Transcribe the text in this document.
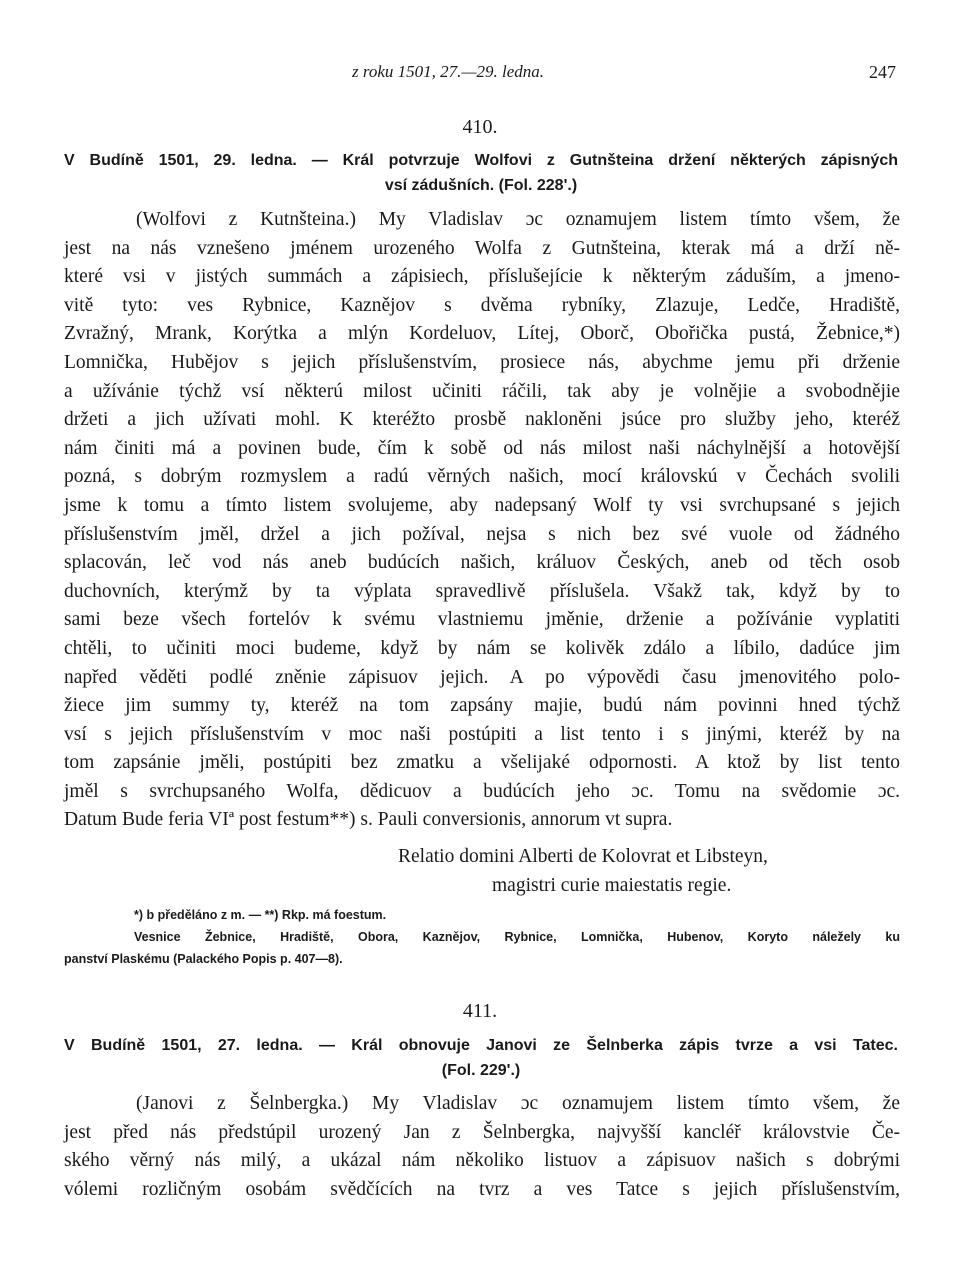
z roku 1501, 27.—29. ledna.	247
410.
V Budíně 1501, 29. ledna. — Král potvrzuje Wolfovi z Gutnšteina držení některých zápisných
vsí zádušních. (Fol. 228'.)
(Wolfovi z Kutnšteina.) My Vladislav ɔc oznamujem listem tímto všem, že
jest na nás vznešeno jménem urozeného Wolfa z Gutnšteina, kterak má a drží ně-
které vsi v jistých summách a zápisiech, příslušejície k některým záduším, a jmeno-
vitě tyto: ves Rybnice, Kaznějov s dvěma rybníky, Zlazuje, Ledče, Hradiště,
Zvražný, Mrank, Korýtka a mlýn Kordeluov, Lítej, Oborč, Obořička pustá, Žebnice,*)
Lomnička, Hubějov s jejich příslušenstvím, prosiece nás, abychme jemu při drženie
a užívánie týchž vsí některú milost učiniti ráčili, tak aby je volnějie a svobodnějie
držeti a jich užívati mohl. K kteréžto prosbě nakloněni jsúce pro služby jeho, kteréž
nám činiti má a povinen bude, čím k sobě od nás milost naši náchylnější a hotovější
pozná, s dobrým rozmyslem a radú věrných našich, mocí královskú v Čechách svolili
jsme k tomu a tímto listem svolujeme, aby nadepsaný Wolf ty vsi svrchupsané s jejich
příslušenstvím jměl, držel a jich požíval, nejsa s nich bez své vuole od žádného
splacován, leč vod nás aneb budúcích našich, králuov Českých, aneb od těch osob
duchovních, kterýmž by ta výplata spravedlivě příslušela. Všakž tak, když by to
sami beze všech fortelóv k svému vlastniemu jměnie, drženie a požívánie vyplatiti
chtěli, to učiniti moci budeme, když by nám se kolivěk zdálo a líbilo, dadúce jim
napřed věděti podlé zněnie zápisuov jejich. A po výpovědi času jmenovitého polo-
žiece jim summy ty, kteréž na tom zapsány majie, budú nám povinni hned týchž
vsí s jejich příslušenstvím v moc naši postúpiti a list tento i s jinými, kteréž by na
tom zapsánie jměli, postúpiti bez zmatku a všelijaké odpornosti. A ktož by list tento
jměl s svrchupsaného Wolfa, dědicuov a budúcích jeho ɔc. Tomu na svědomie ɔc.
Datum Bude feria VIª post festum**) s. Pauli conversionis, annorum vt supra.
Relatio domini Alberti de Kolovrat et Libsteyn,
magistri curie maiestatis regie.
*) b předěláno z m. — **) Rkp. má foestum.
Vesnice Žebnice, Hradiště, Obora, Kaznějov, Rybnice, Lomnička, Hubenov, Koryto náležely ku
panství Plaskému (Palackého Popis p. 407—8).
411.
V Budíně 1501, 27. ledna. — Král obnovuje Janovi ze Šelnberka zápis tvrze a vsi Tatec.
(Fol. 229'.)
(Janovi z Šelnbergka.) My Vladislav ɔc oznamujem listem tímto všem, že
jest před nás předstúpil urozený Jan z Šelnbergka, najvyšší kancléř královstvie Če-
ského věrný nás milý, a ukázal nám několiko listuov a zápisuov našich s dobrými
vólemi rozličným osobám svědčících na tvrz a ves Tatce s jejich příslušenstvím,
